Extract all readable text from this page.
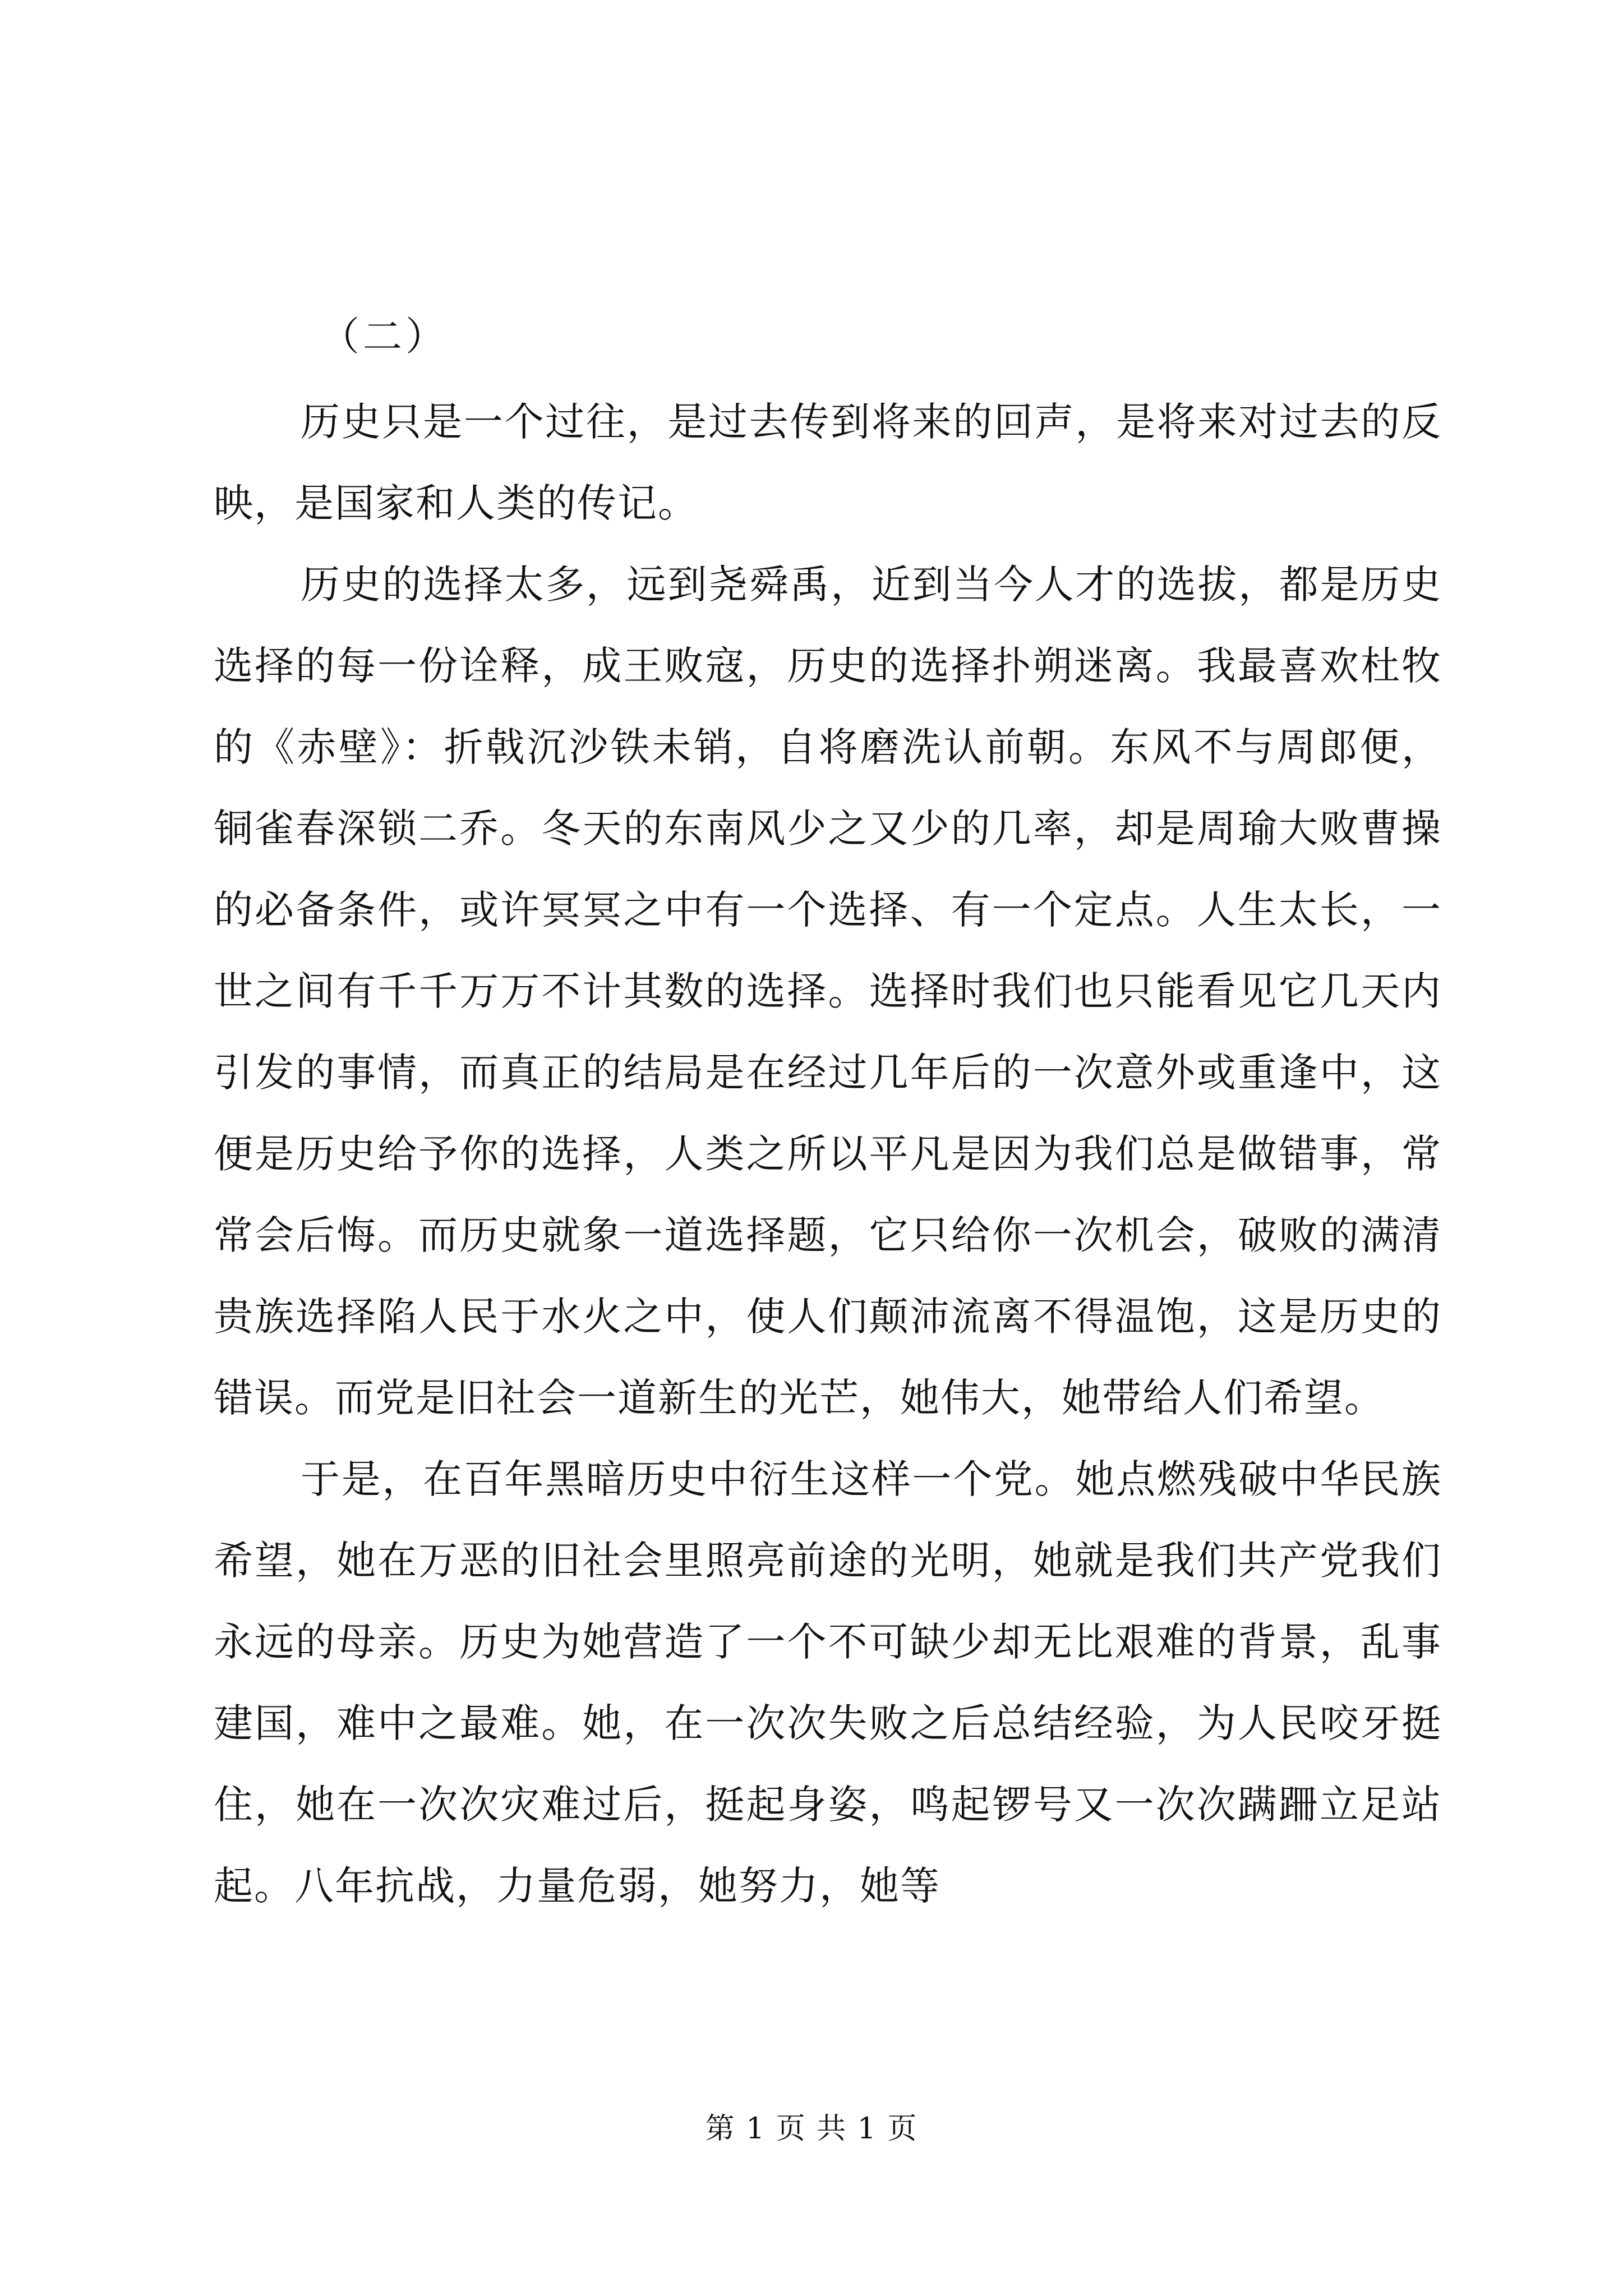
（二）

历史只是一个过往，是过去传到将来的回声，是将来对过去的反映，是国家和人类的传记。

历史的选择太多，远到尧舜禹，近到当今人才的选拔，都是历史选择的每一份诠释，成王败寇，历史的选择扑朔迷离。我最喜欢杜牧的《赤壁》：折戟沉沙铁未销，自将磨洗认前朝。东风不与周郎便，铜雀春深锁二乔。冬天的东南风少之又少的几率，却是周瑜大败曹操的必备条件，或许冥冥之中有一个选择、有一个定点。人生太长，一世之间有千千万万不计其数的选择。选择时我们也只能看见它几天内引发的事情，而真正的结局是在经过几年后的一次意外或重逢中，这便是历史给予你的选择，人类之所以平凡是因为我们总是做错事，常常会后悔。而历史就象一道选择题，它只给你一次机会，破败的满清贵族选择陷人民于水火之中，使人们颠沛流离不得温饱，这是历史的错误。而党是旧社会一道新生的光芒，她伟大，她带给人们希望。

于是，在百年黑暗历史中衍生这样一个党。她点燃残破中华民族希望，她在万恶的旧社会里照亮前途的光明，她就是我们共产党我们永远的母亲。历史为她营造了一个不可缺少却无比艰难的背景，乱事建国，难中之最难。她，在一次次失败之后总结经验，为人民咬牙挺住，她在一次次灾难过后，挺起身姿，鸣起锣号又一次次蹒跚立足站起。八年抗战，力量危弱，她努力，她等

第 1 页 共 1 页
